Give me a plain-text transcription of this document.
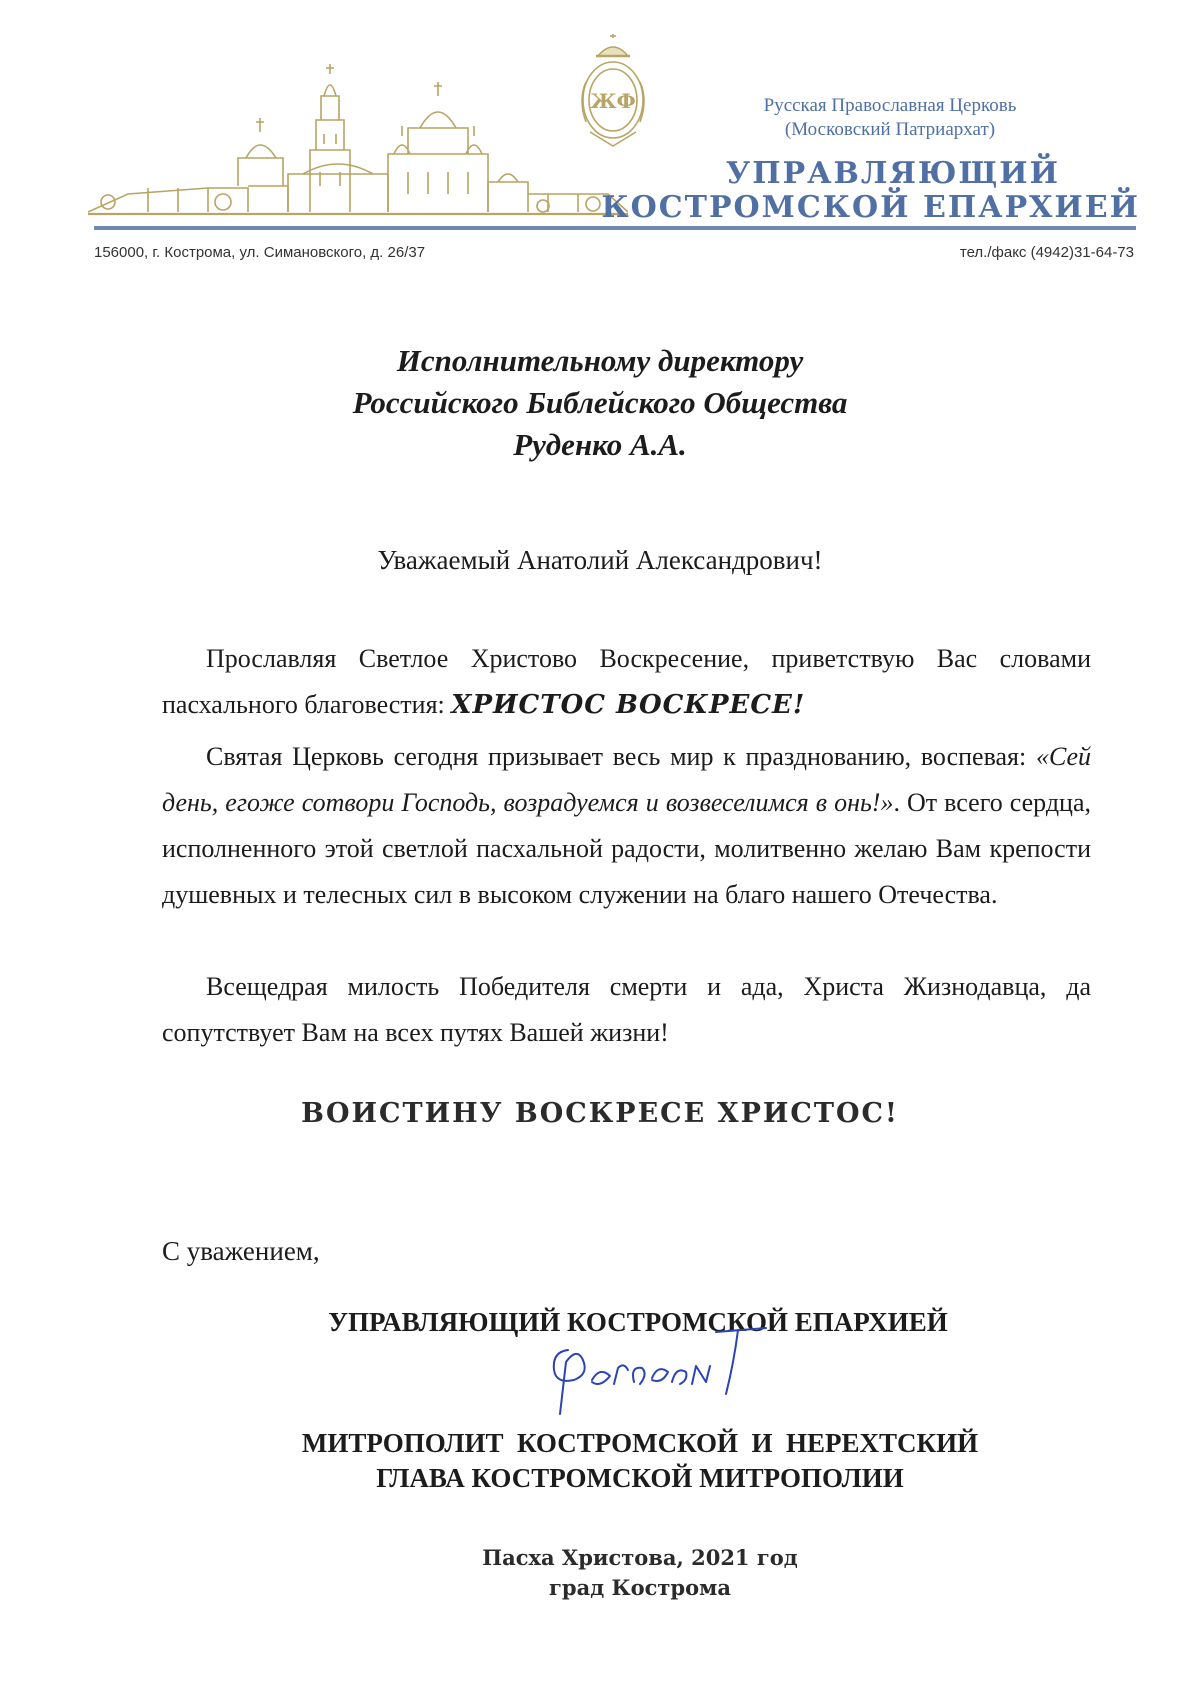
ЖФ	Русская Православная Церковь
(Московский Патриархат)
УПРАВЛЯЮЩИЙ
КОСТРОМСКОЙ ЕПАРХИЕЙ
156000, г. Кострома, ул. Симановского, д. 26/37	тел./факс (4942)31-64-73
Исполнительному директору
Российского Библейского Общества
Руденко А.А.
Уважаемый Анатолий Александрович!
Прославляя Светлое Христово Воскресение, приветствую Вас словами пасхального благовестия: ХРИСТОС ВОСКРЕСЕ!
Святая Церковь сегодня призывает весь мир к празднованию, воспевая: «Сей день, егоже сотвори Господь, возрадуемся и возвеселимся в онь!». От всего сердца, исполненного этой светлой пасхальной радости, молитвенно желаю Вам крепости душевных и телесных сил в высоком служении на благо нашего Отечества.
Всещедрая милость Победителя смерти и ада, Христа Жизнодавца, да сопутствует Вам на всех путях Вашей жизни!
ВОИСТИНУ ВОСКРЕСЕ ХРИСТОС!
С уважением,
УПРАВЛЯЮЩИЙ КОСТРОМСКОЙ ЕПАРХИЕЙ
МИТРОПОЛИТ  КОСТРОМСКОЙ  И  НЕРЕХТСКИЙ
ГЛАВА КОСТРОМСКОЙ МИТРОПОЛИИ
Пасха Христова, 2021 год
град Кострома
